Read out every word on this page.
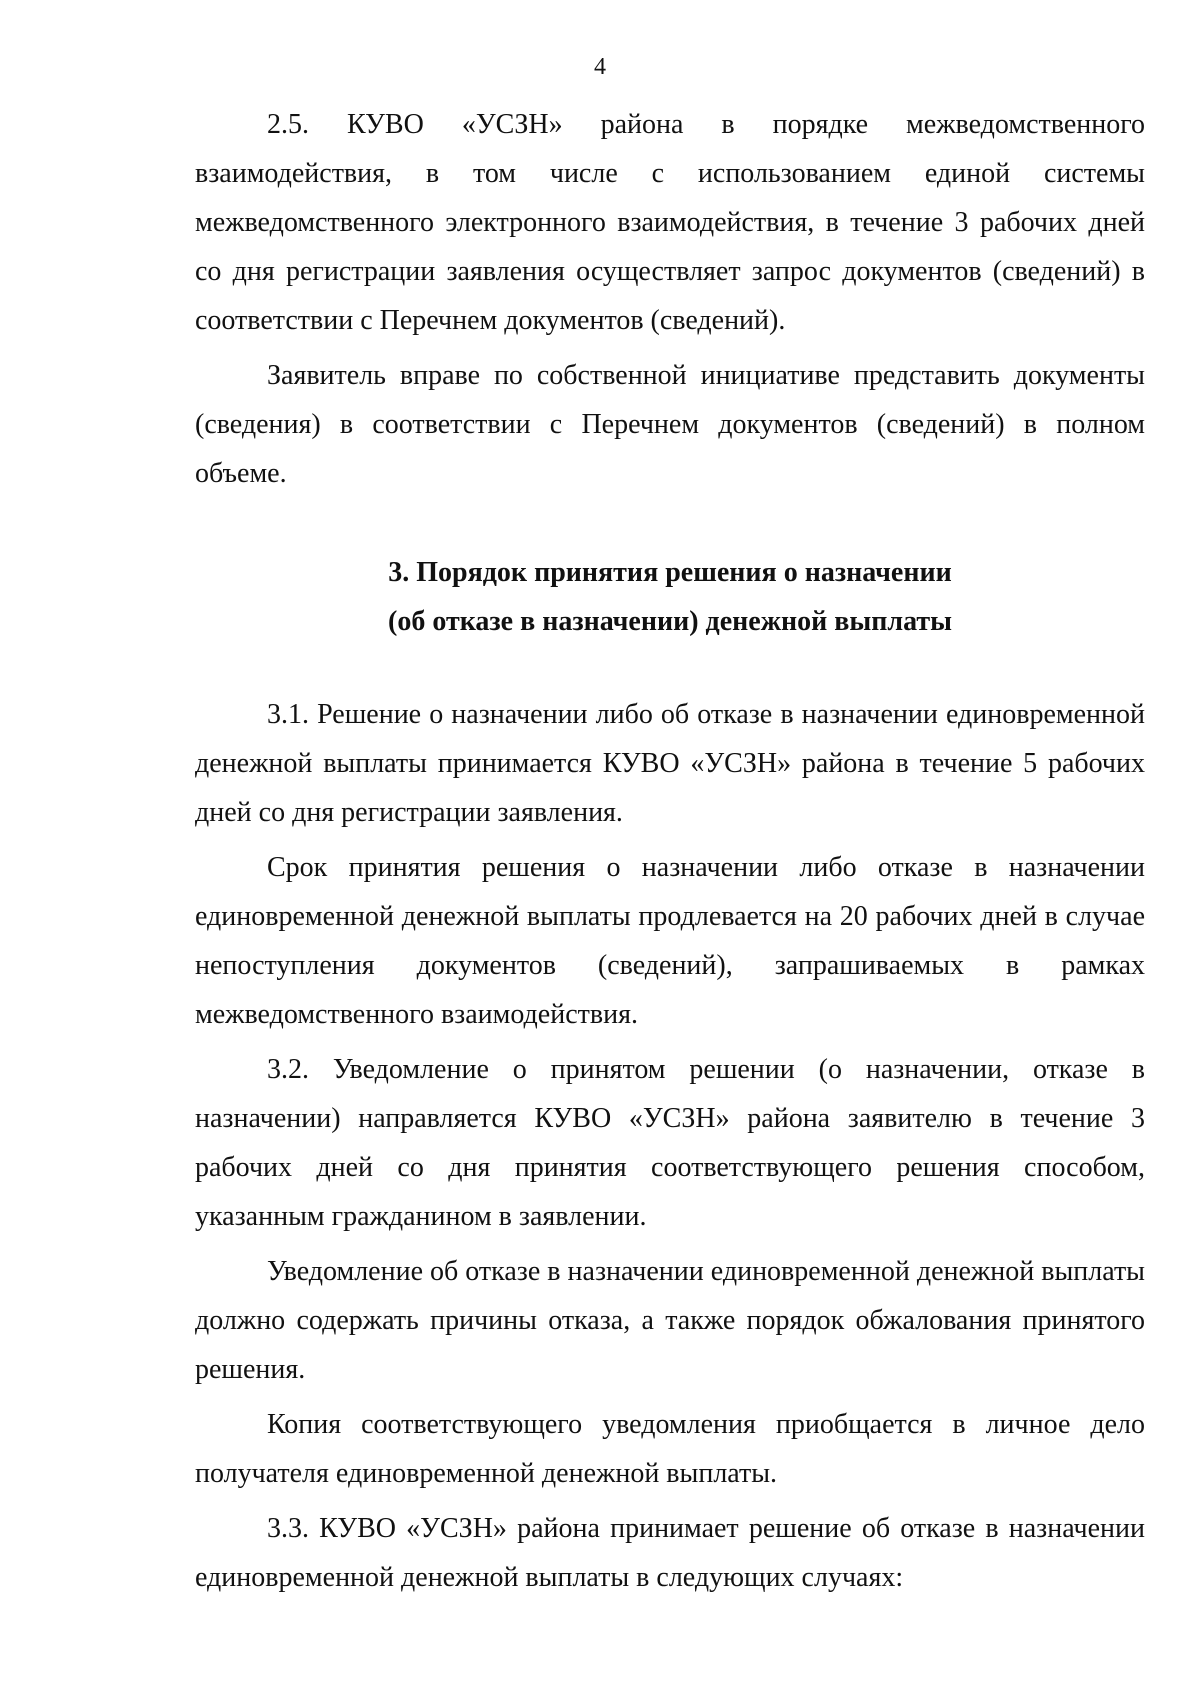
4

2.5. КУВО «УСЗН» района в порядке межведомственного взаимодействия, в том числе с использованием единой системы межведомственного электронного взаимодействия, в течение 3 рабочих дней со дня регистрации заявления осуществляет запрос документов (сведений) в соответствии с Перечнем документов (сведений).

Заявитель вправе по собственной инициативе представить документы (сведения) в соответствии с Перечнем документов (сведений) в полном объеме.

3. Порядок принятия решения о назначении

(об отказе в назначении) денежной выплаты

3.1. Решение о назначении либо об отказе в назначении единовременной денежной выплаты принимается КУВО «УСЗН» района в течение 5 рабочих дней со дня регистрации заявления.

Срок принятия решения о назначении либо отказе в назначении единовременной денежной выплаты продлевается на 20 рабочих дней в случае непоступления документов (сведений), запрашиваемых в рамках межведомственного взаимодействия.

3.2. Уведомление о принятом решении (о назначении, отказе в назначении) направляется КУВО «УСЗН» района заявителю в течение 3 рабочих дней со дня принятия соответствующего решения способом, указанным гражданином в заявлении.

Уведомление об отказе в назначении единовременной денежной выплаты должно содержать причины отказа, а также порядок обжалования принятого решения.

Копия соответствующего уведомления приобщается в личное дело получателя единовременной денежной выплаты.

3.3. КУВО «УСЗН» района принимает решение об отказе в назначении единовременной денежной выплаты в следующих случаях:
